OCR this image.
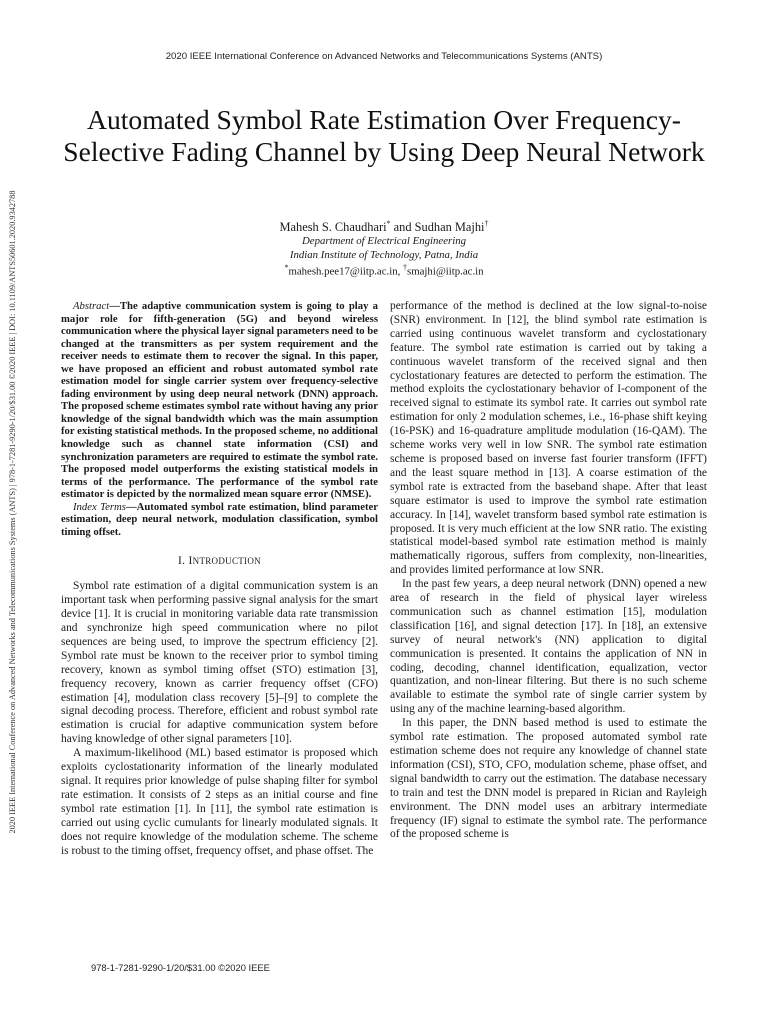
2020 IEEE International Conference on Advanced Networks and Telecommunications Systems (ANTS)
2020 IEEE International Conference on Advanced Networks and Telecommunications Systems (ANTS) | 978-1-7281-9290-1/20/$31.00 ©2020 IEEE | DOI: 10.1109/ANTS50601.2020.9342788
Automated Symbol Rate Estimation Over Frequency-Selective Fading Channel by Using Deep Neural Network
Mahesh S. Chaudhari* and Sudhan Majhi†
Department of Electrical Engineering
Indian Institute of Technology, Patna, India
*mahesh.pee17@iitp.ac.in, †smajhi@iitp.ac.in

Abstract—The adaptive communication system is going to play a major role for fifth-generation (5G) and beyond wireless communication where the physical layer signal parameters need to be changed at the transmitters as per system requirement and the receiver needs to estimate them to recover the signal. In this paper, we have proposed an efficient and robust automated symbol rate estimation model for single carrier system over frequency-selective fading environment by using deep neural network (DNN) approach. The proposed scheme estimates symbol rate without having any prior knowledge of the signal bandwidth which was the main assumption for existing statistical methods. In the proposed scheme, no additional knowledge such as channel state information (CSI) and synchronization parameters are required to estimate the symbol rate. The proposed model outperforms the existing statistical models in terms of the performance. The performance of the symbol rate estimator is depicted by the normalized mean square error (NMSE).

Index Terms—Automated symbol rate estimation, blind parameter estimation, deep neural network, modulation classification, symbol timing offset.

I. INTRODUCTION

Symbol rate estimation of a digital communication system is an important task when performing passive signal analysis for the smart device [1]. It is crucial in monitoring variable data rate transmission and synchronize high speed communication where no pilot sequences are being used, to improve the spectrum efficiency [2]. Symbol rate must be known to the receiver prior to symbol timing recovery, known as symbol timing offset (STO) estimation [3], frequency recovery, known as carrier frequency offset (CFO) estimation [4], modulation class recovery [5]–[9] to complete the signal decoding process. Therefore, efficient and robust symbol rate estimation is crucial for adaptive communication system before having knowledge of other signal parameters [10].

A maximum-likelihood (ML) based estimator is proposed which exploits cyclostationarity information of the linearly modulated signal. It requires prior knowledge of pulse shaping filter for symbol rate estimation. It consists of 2 steps as an initial course and fine symbol rate estimation [1]. In [11], the symbol rate estimation is carried out using cyclic cumulants for linearly modulated signals. It does not require knowledge of the modulation scheme. The scheme is robust to the timing offset, frequency offset, and phase offset. The

performance of the method is declined at the low signal-to-noise (SNR) environment. In [12], the blind symbol rate estimation is carried using continuous wavelet transform and cyclostationary feature. The symbol rate estimation is carried out by taking a continuous wavelet transform of the received signal and then cyclostationary features are detected to perform the estimation. The method exploits the cyclostationary behavior of I-component of the received signal to estimate its symbol rate. It carries out symbol rate estimation for only 2 modulation schemes, i.e., 16-phase shift keying (16-PSK) and 16-quadrature amplitude modulation (16-QAM). The scheme works very well in low SNR. The symbol rate estimation scheme is proposed based on inverse fast fourier transform (IFFT) and the least square method in [13]. A coarse estimation of the symbol rate is extracted from the baseband shape. After that least square estimator is used to improve the symbol rate estimation accuracy. In [14], wavelet transform based symbol rate estimation is proposed. It is very much efficient at the low SNR ratio. The existing statistical model-based symbol rate estimation method is mainly mathematically rigorous, suffers from complexity, non-linearities, and provides limited performance at low SNR.

In the past few years, a deep neural network (DNN) opened a new area of research in the field of physical layer wireless communication such as channel estimation [15], modulation classification [16], and signal detection [17]. In [18], an extensive survey of neural network's (NN) application to digital communication is presented. It contains the application of NN in coding, decoding, channel identification, equalization, vector quantization, and non-linear filtering. But there is no such scheme available to estimate the symbol rate of single carrier system by using any of the machine learning-based algorithm.

In this paper, the DNN based method is used to estimate the symbol rate estimation. The proposed automated symbol rate estimation scheme does not require any knowledge of channel state information (CSI), STO, CFO, modulation scheme, phase offset, and signal bandwidth to carry out the estimation. The database necessary to train and test the DNN model is prepared in Rician and Rayleigh environment. The DNN model uses an arbitrary intermediate frequency (IF) signal to estimate the symbol rate. The performance of the proposed scheme is

978-1-7281-9290-1/20/$31.00 ©2020 IEEE
